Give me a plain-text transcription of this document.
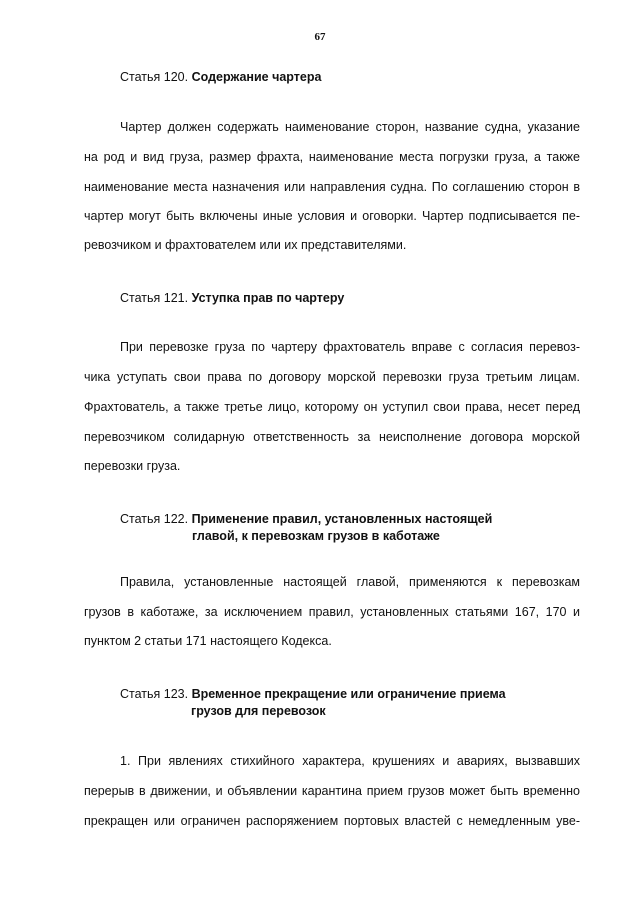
67
Статья 120. Содержание чартера
Чартер должен содержать наименование сторон, название судна, указание
на род и вид груза, размер фрахта, наименование места погрузки груза, а также
наименование места назначения или направления судна. По соглашению сторон в
чартер могут быть включены иные условия и оговорки. Чартер подписывается пе-
ревозчиком и фрахтователем или их представителями.
Статья 121. Уступка прав по чартеру
При перевозке груза по чартеру фрахтователь вправе с согласия перевоз-
чика уступать свои права по договору морской перевозки груза третьим лицам.
Фрахтователь, а также третье лицо, которому он уступил свои права, несет перед
перевозчиком солидарную ответственность за неисполнение договора морской
перевозки груза.
Статья 122. Применение правил, установленных настоящей
главой, к перевозкам грузов в каботаже
Правила, установленные настоящей главой, применяются к перевозкам
грузов в каботаже, за исключением правил, установленных статьями 167, 170 и
пунктом 2 статьи 171 настоящего Кодекса.
Статья 123. Временное прекращение или ограничение приема
грузов для перевозок
1. При явлениях стихийного характера, крушениях и авариях, вызвавших
перерыв в движении, и объявлении карантина прием грузов может быть временно
прекращен или ограничен распоряжением портовых властей с немедленным уве-
